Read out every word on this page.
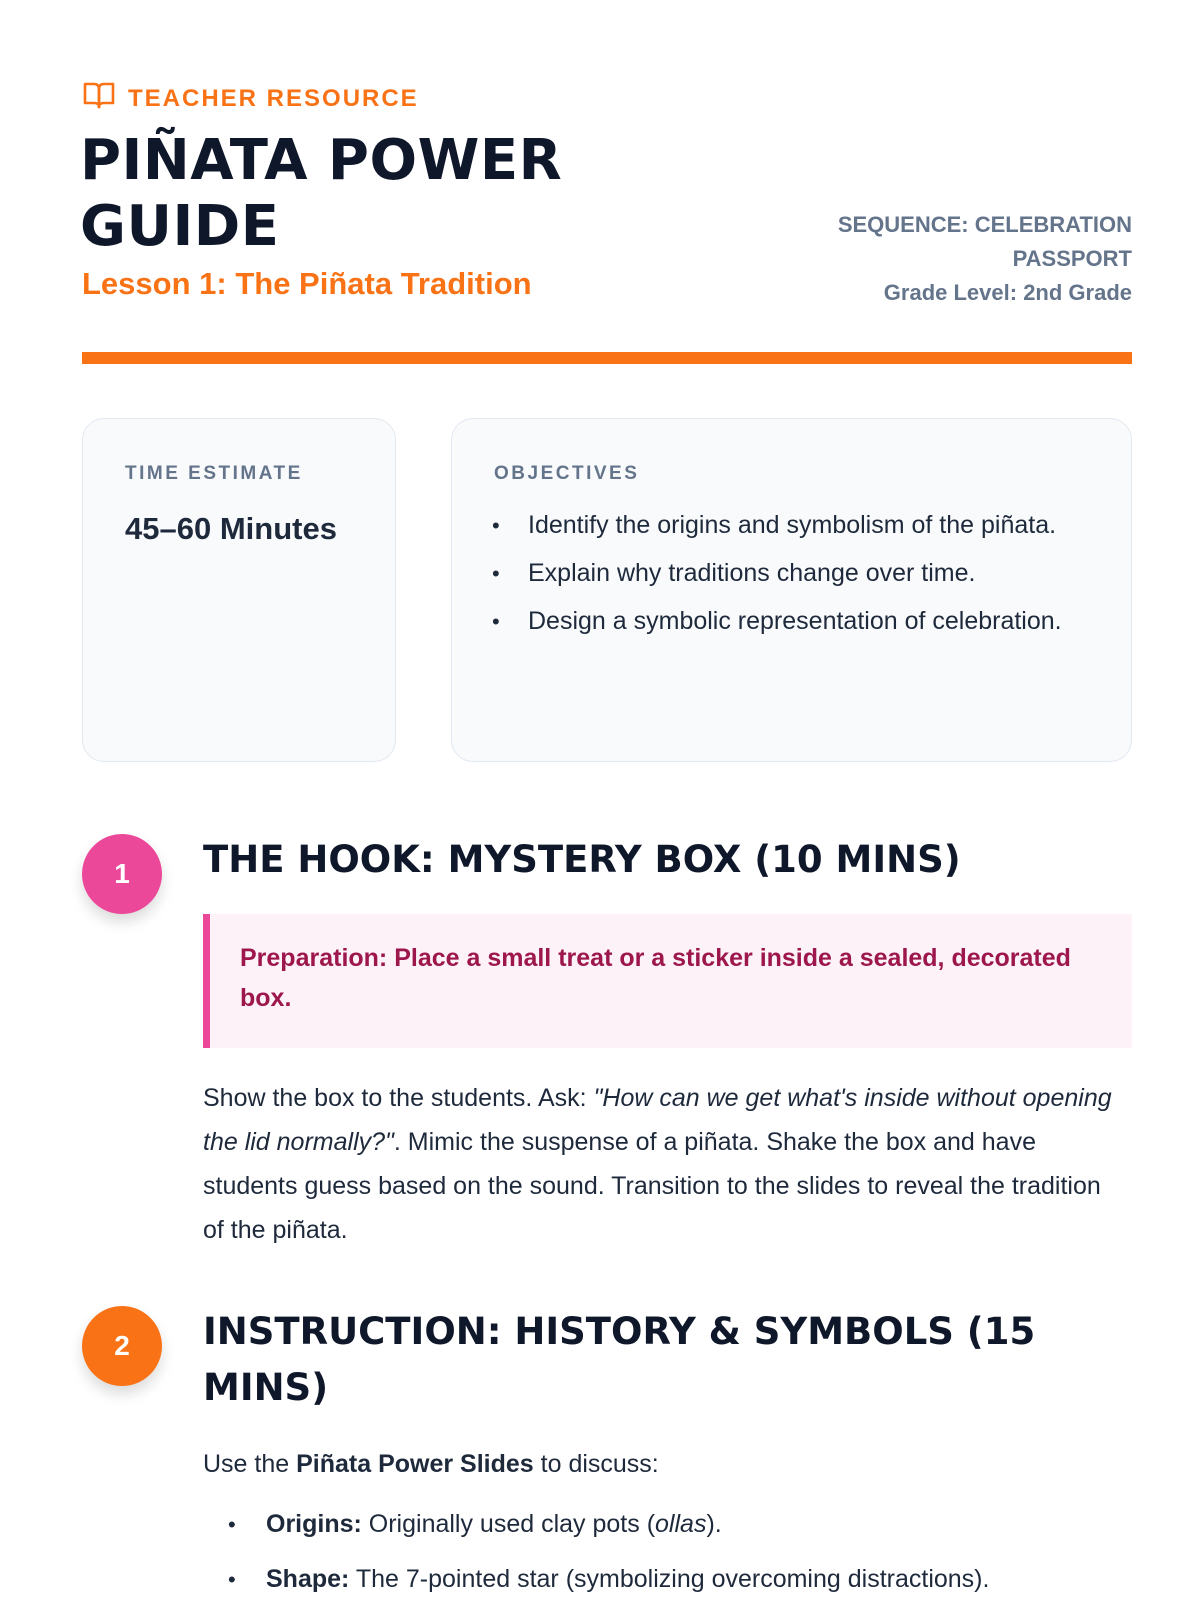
TEACHER RESOURCE
PIÑATA POWER GUIDE
Lesson 1: The Piñata Tradition
SEQUENCE: CELEBRATION PASSPORT
Grade Level: 2nd Grade
TIME ESTIMATE
45–60 Minutes
OBJECTIVES
• Identify the origins and symbolism of the piñata.
• Explain why traditions change over time.
• Design a symbolic representation of celebration.
1	THE HOOK: MYSTERY BOX (10 MINS)
Preparation: Place a small treat or a sticker inside a sealed, decorated box.
Show the box to the students. Ask: "How can we get what's inside without opening the lid normally?". Mimic the suspense of a piñata. Shake the box and have students guess based on the sound. Transition to the slides to reveal the tradition of the piñata.
2	INSTRUCTION: HISTORY & SYMBOLS (15 MINS)
Use the Piñata Power Slides to discuss:
• Origins: Originally used clay pots (ollas).
• Shape: The 7-pointed star (symbolizing overcoming distractions).
